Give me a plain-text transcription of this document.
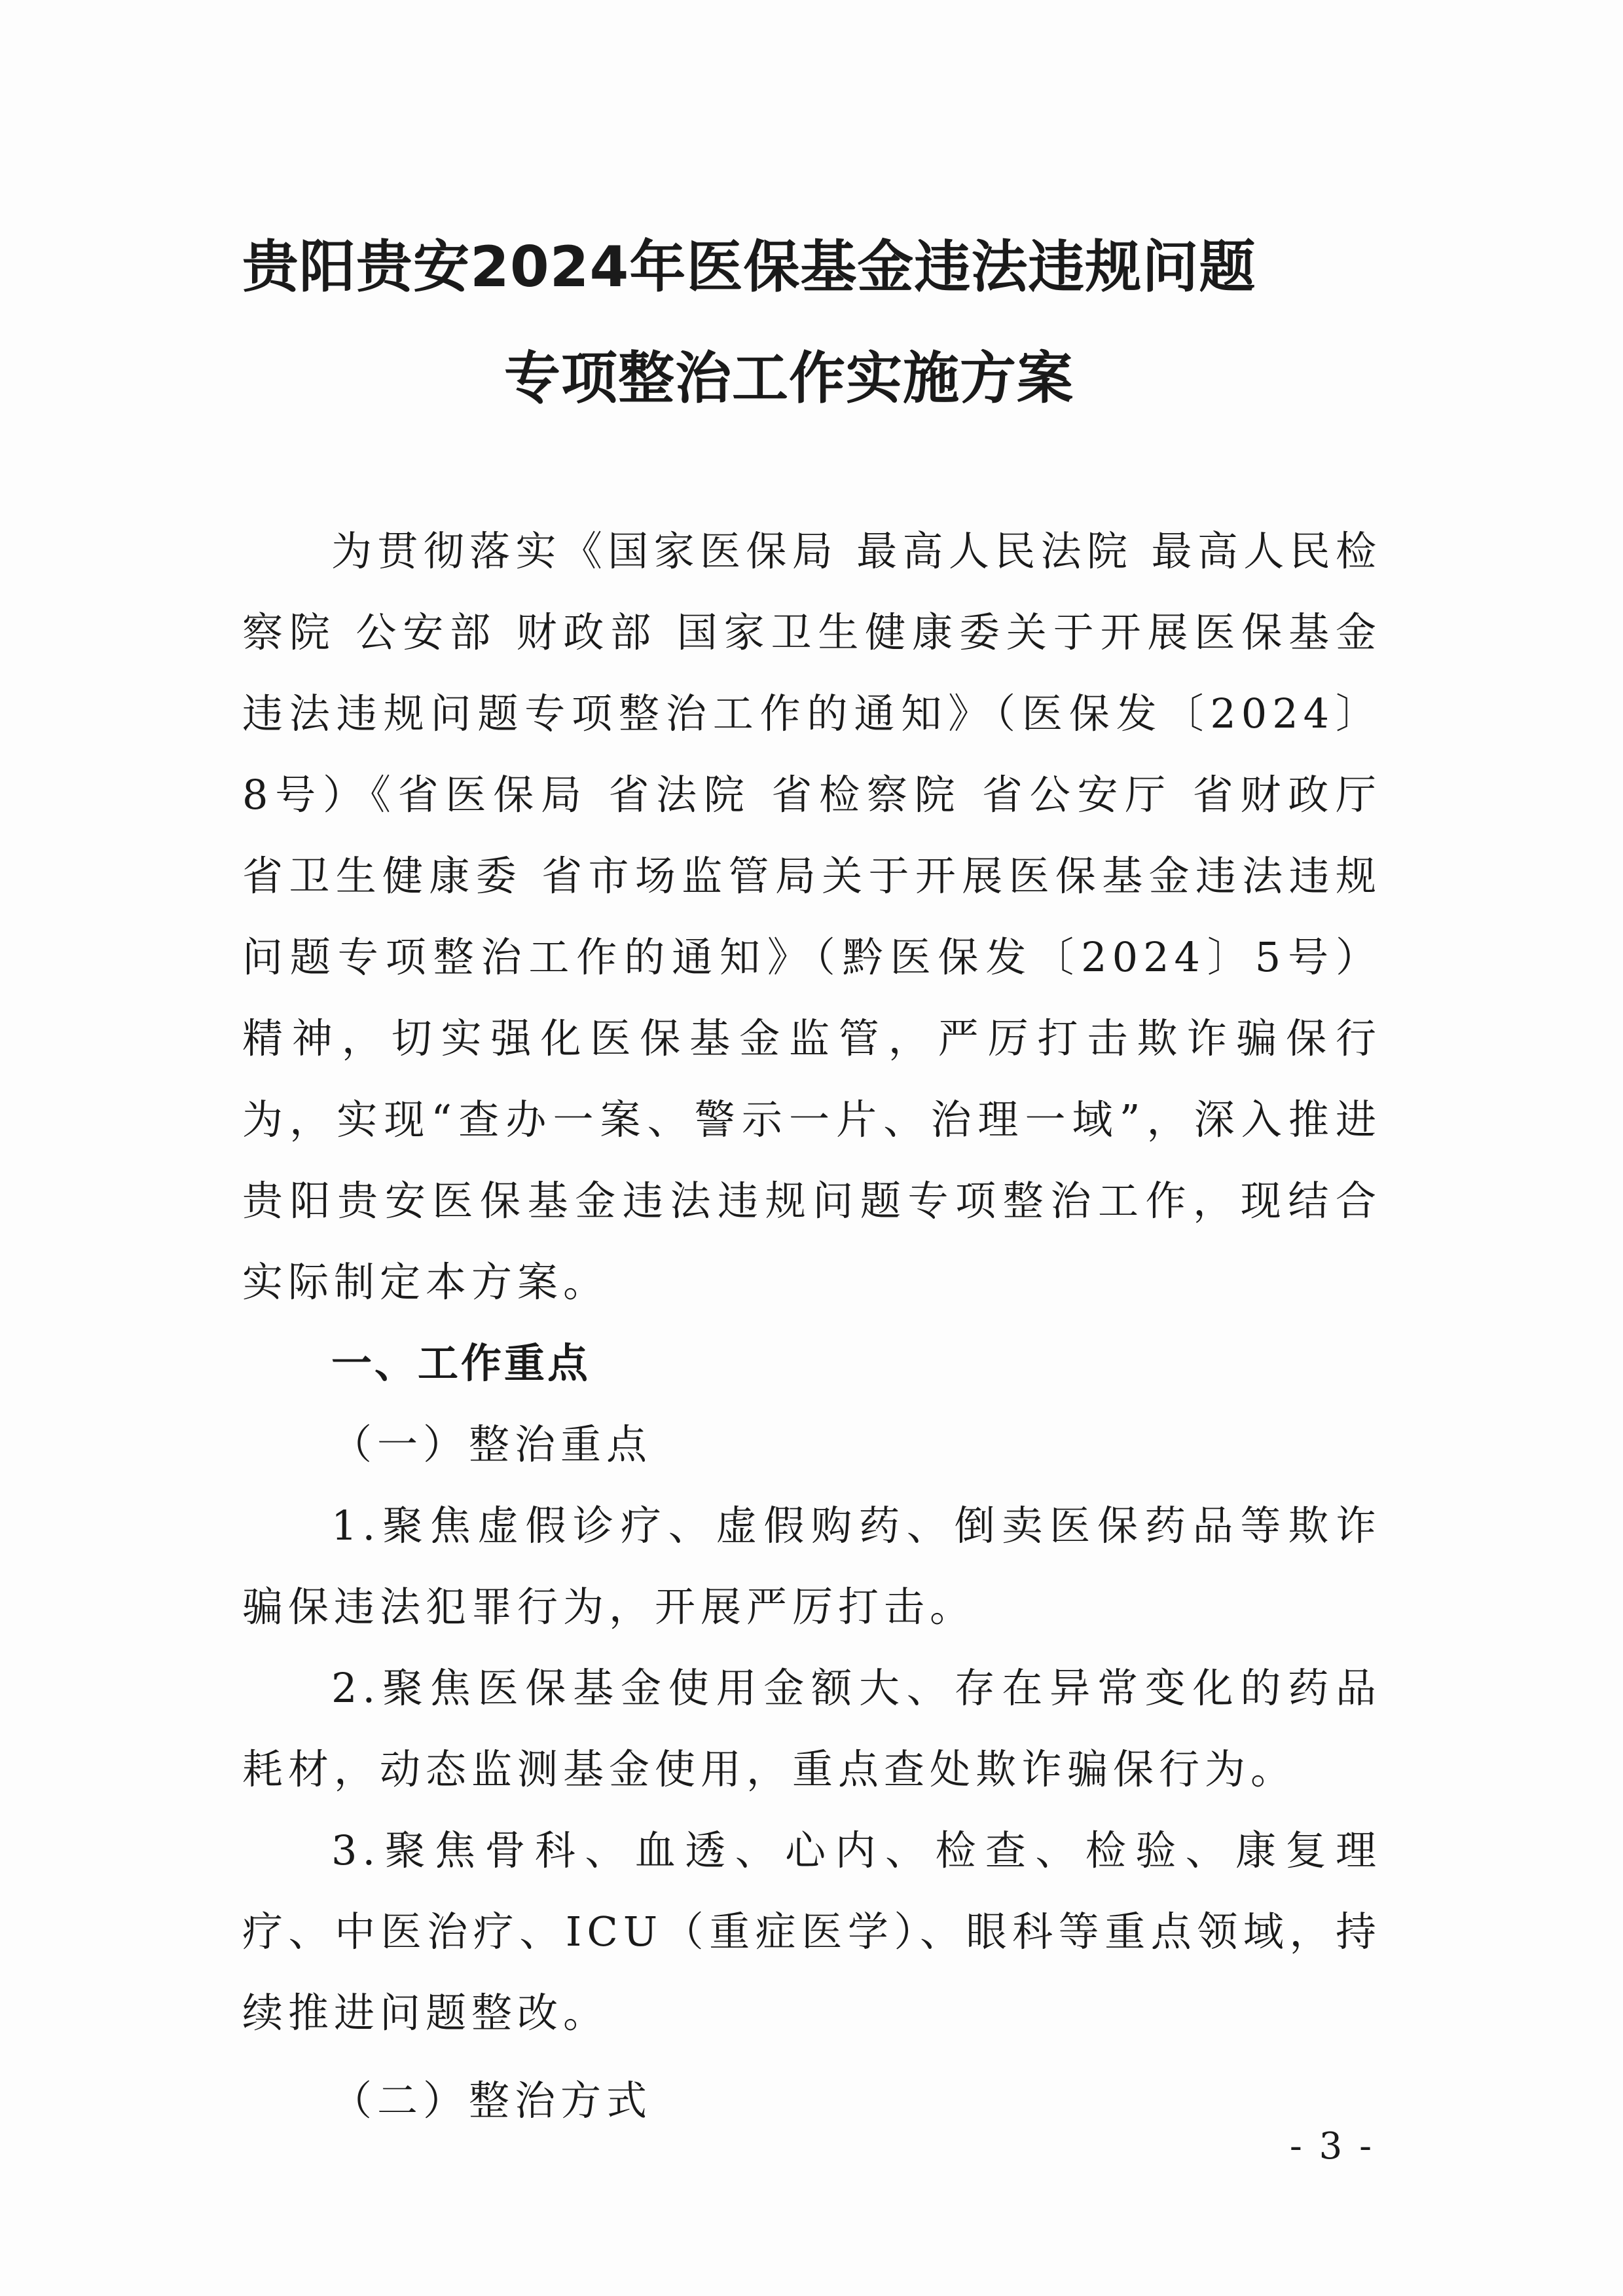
贵阳贵安2024年医保基金违法违规问题
专项整治工作实施方案

为贯彻落实《国家医保局 最高人民法院 最高人民检察院 公安部 财政部 国家卫生健康委关于开展医保基金违法违规问题专项整治工作的通知》（医保发〔2024〕8号）《省医保局 省法院 省检察院 省公安厅 省财政厅 省卫生健康委 省市场监管局关于开展医保基金违法违规问题专项整治工作的通知》（黔医保发〔2024〕5号）精神，切实强化医保基金监管，严厉打击欺诈骗保行为，实现“查办一案、警示一片、治理一域”，深入推进贵阳贵安医保基金违法违规问题专项整治工作，现结合实际制定本方案。

一、工作重点

（一）整治重点

1.聚焦虚假诊疗、虚假购药、倒卖医保药品等欺诈骗保违法犯罪行为，开展严厉打击。

2.聚焦医保基金使用金额大、存在异常变化的药品耗材，动态监测基金使用，重点查处欺诈骗保行为。

3.聚焦骨科、血透、心内、检查、检验、康复理疗、中医治疗、ICU（重症医学）、眼科等重点领域，持续推进问题整改。

（二）整治方式

- 3 -
